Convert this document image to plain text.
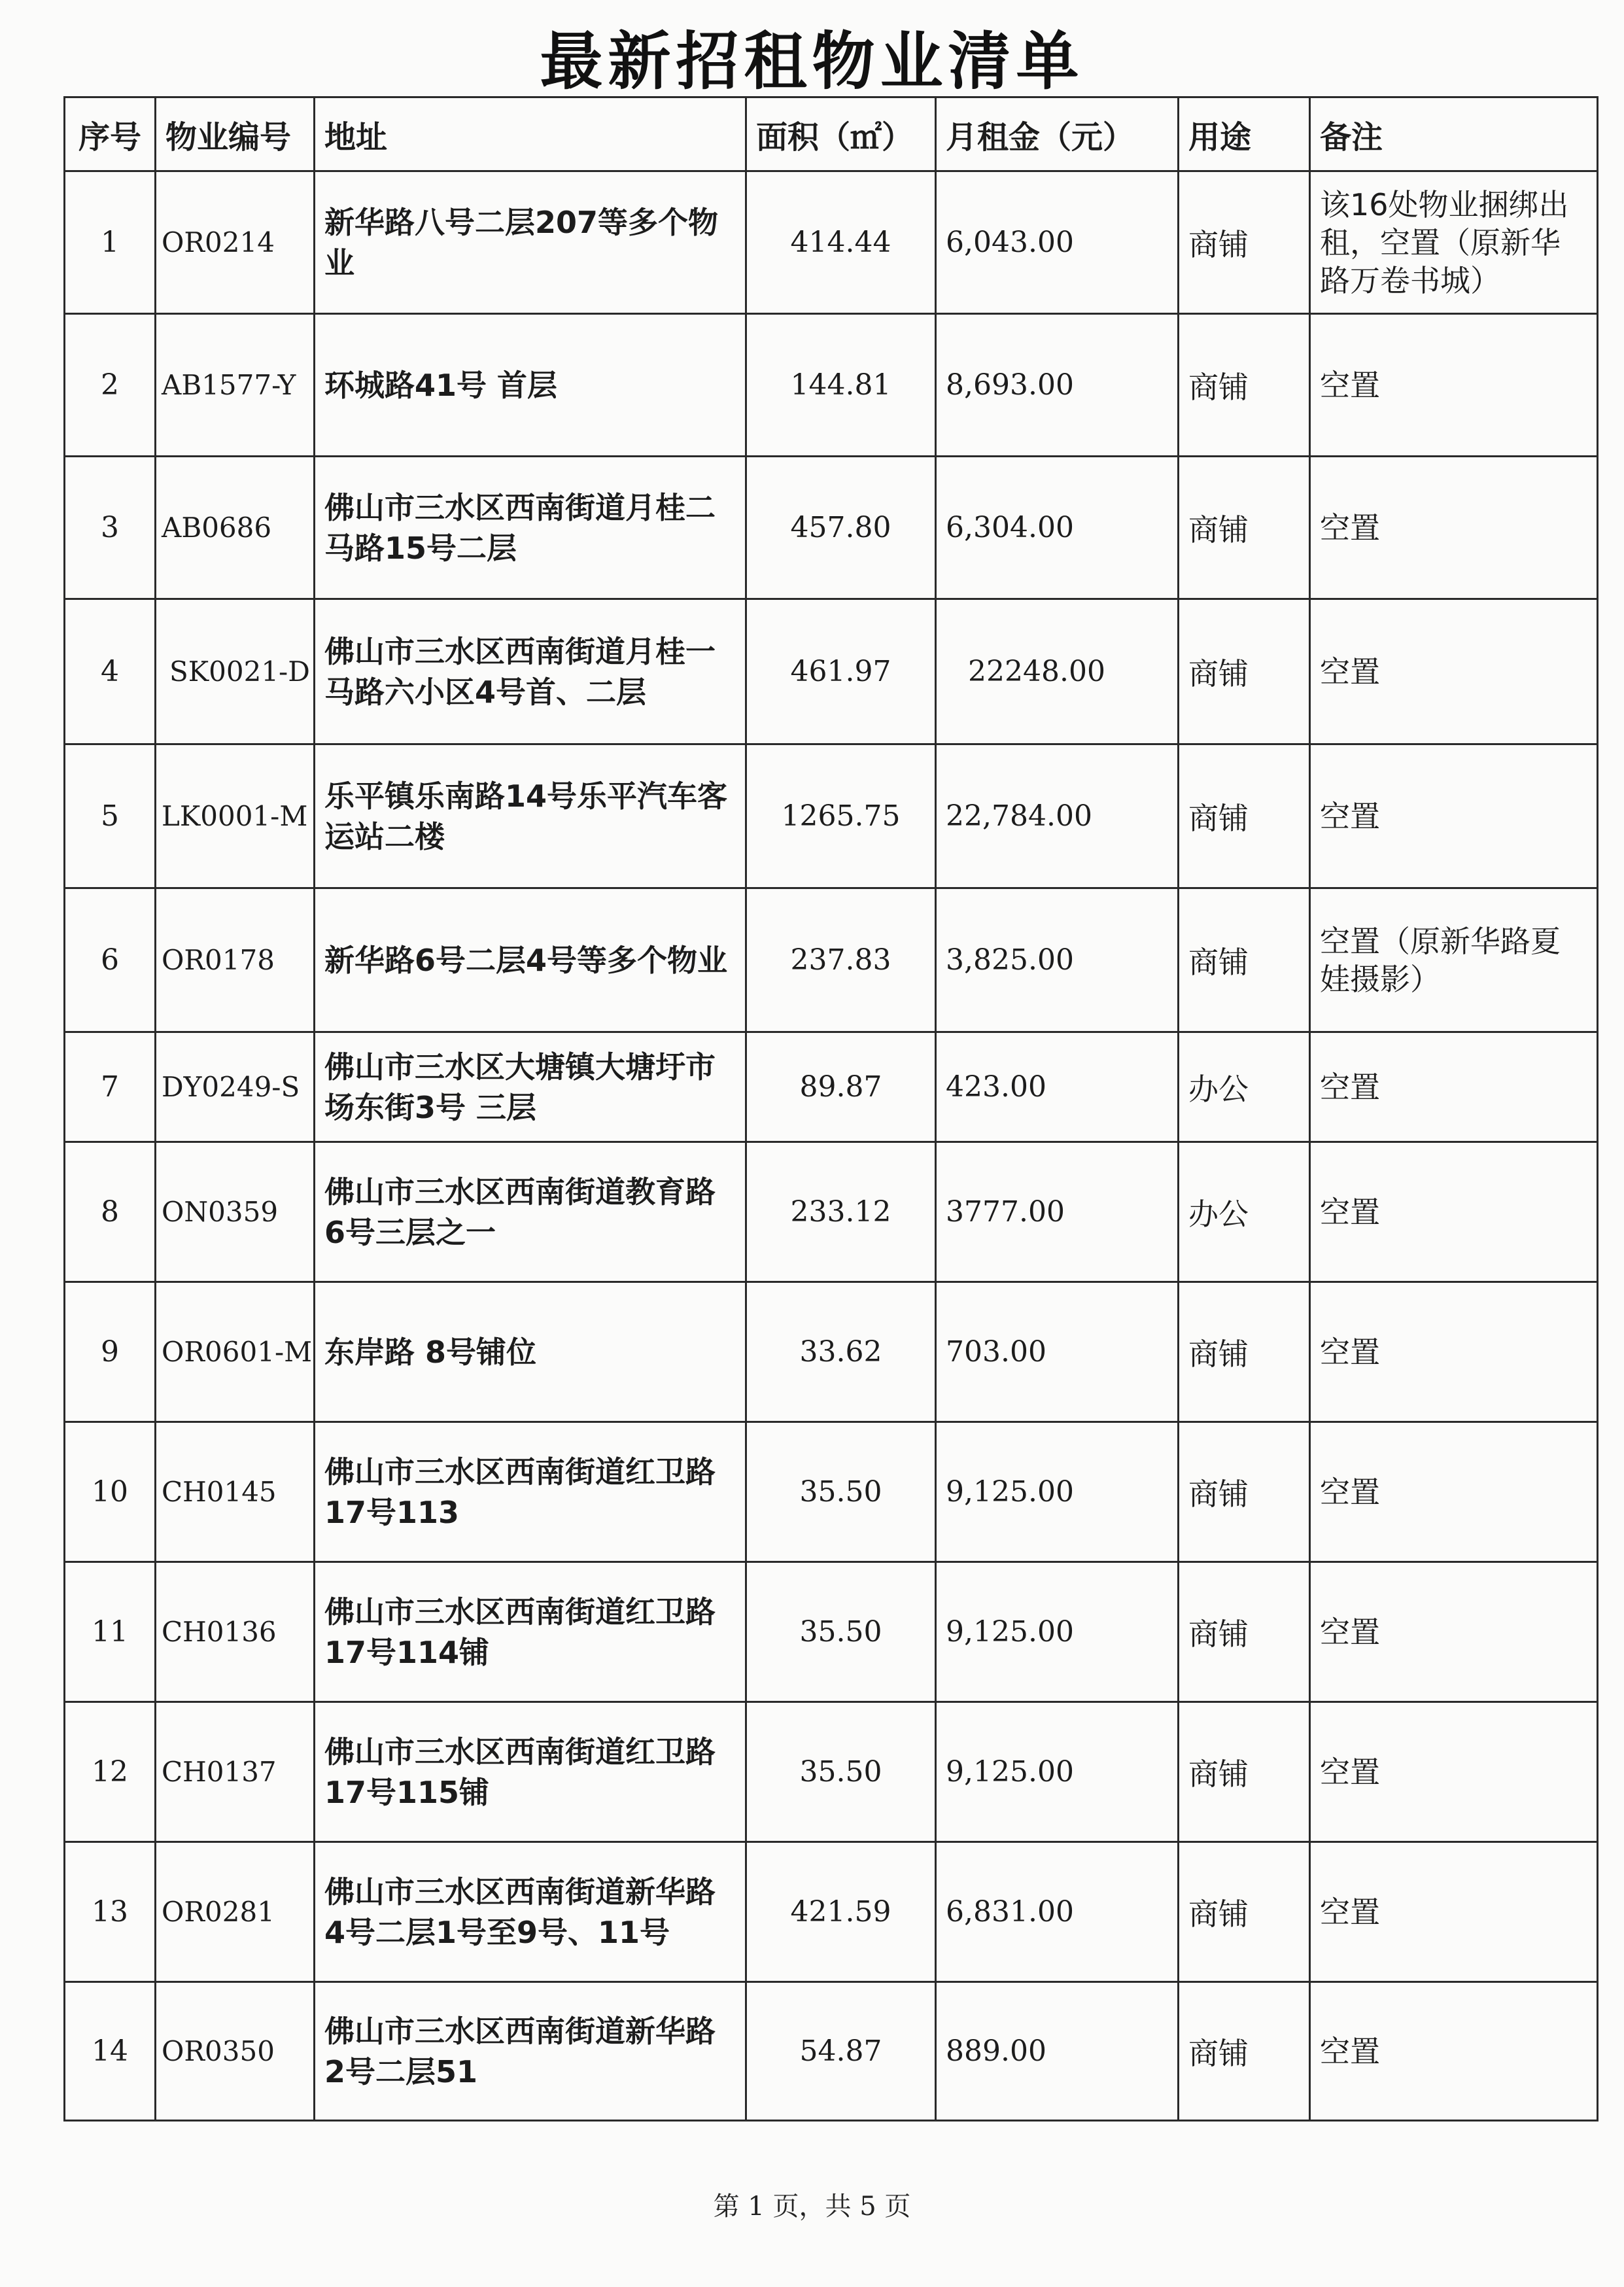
最新招租物业清单
序号	物业编号	地址	面积（㎡）	月租金（元）	用途	备注
1	OR0214	新华路八号二层207等多个物业	414.44	6,043.00	商铺	该16处物业捆绑出租，空置（原新华路万卷书城）
2	AB1577-Y	环城路41号 首层	144.81	8,693.00	商铺	空置
3	AB0686	佛山市三水区西南街道月桂二马路15号二层	457.80	6,304.00	商铺	空置
4	SK0021-D	佛山市三水区西南街道月桂一马路六小区4号首、二层	461.97	22248.00	商铺	空置
5	LK0001-M	乐平镇乐南路14号乐平汽车客运站二楼	1265.75	22,784.00	商铺	空置
6	OR0178	新华路6号二层4号等多个物业	237.83	3,825.00	商铺	空置（原新华路夏娃摄影）
7	DY0249-S	佛山市三水区大塘镇大塘圩市场东街3号 三层	89.87	423.00	办公	空置
8	ON0359	佛山市三水区西南街道教育路6号三层之一	233.12	3777.00	办公	空置
9	OR0601-M	东岸路 8号铺位	33.62	703.00	商铺	空置
10	CH0145	佛山市三水区西南街道红卫路17号113	35.50	9,125.00	商铺	空置
11	CH0136	佛山市三水区西南街道红卫路17号114铺	35.50	9,125.00	商铺	空置
12	CH0137	佛山市三水区西南街道红卫路17号115铺	35.50	9,125.00	商铺	空置
13	OR0281	佛山市三水区西南街道新华路4号二层1号至9号、11号	421.59	6,831.00	商铺	空置
14	OR0350	佛山市三水区西南街道新华路2号二层51	54.87	889.00	商铺	空置
第 1 页，共 5 页
